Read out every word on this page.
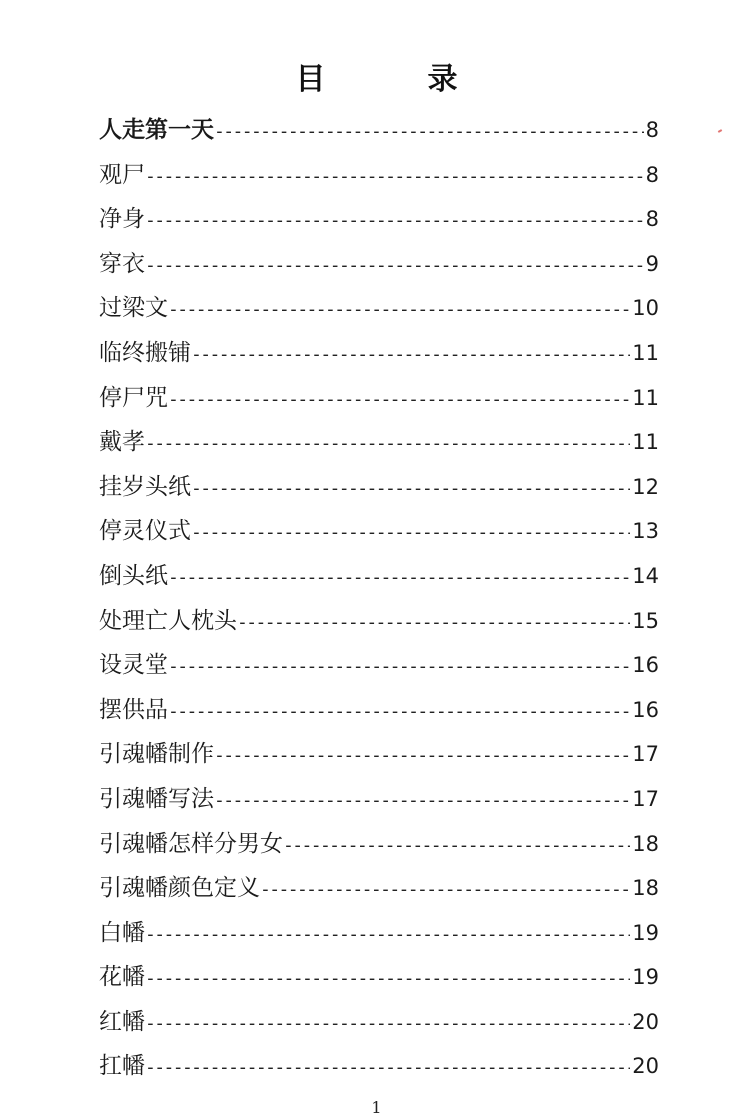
目　录
人走第一天 -----	8
观尸 -----	8
净身 -----	8
穿衣 -----	9
过梁文 -----	10
临终搬铺 -----	11
停尸咒 -----	11
戴孝 -----	11
挂岁头纸 -----	12
停灵仪式 -----	13
倒头纸 -----	14
处理亡人枕头 -----	15
设灵堂 -----	16
摆供品 -----	16
引魂幡制作 -----	17
引魂幡写法 -----	17
引魂幡怎样分男女 -----	18
引魂幡颜色定义 -----	18
白幡 -----	19
花幡 -----	19
红幡 -----	20
扛幡 -----	20
1
